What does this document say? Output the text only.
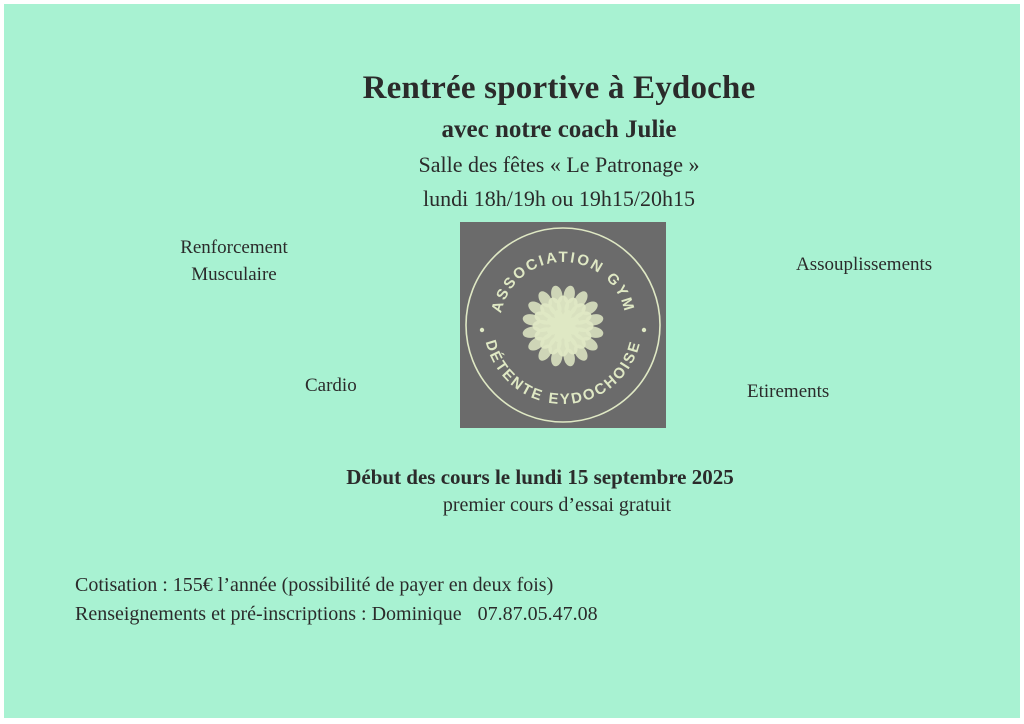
Rentrée sportive à Eydoche
avec notre coach Julie
Salle des fêtes « Le Patronage »
lundi 18h/19h ou 19h15/20h15
Renforcement Musculaire	Assouplissements
Cardio	Etirements
ASSOCIATION GYM
DÉTENTE EYDOCHOISE
Début des cours le lundi 15 septembre 2025
premier cours d’essai gratuit
Cotisation : 155€ l’année (possibilité de payer en deux fois)
Renseignements et pré-inscriptions : Dominique 07.87.05.47.08
